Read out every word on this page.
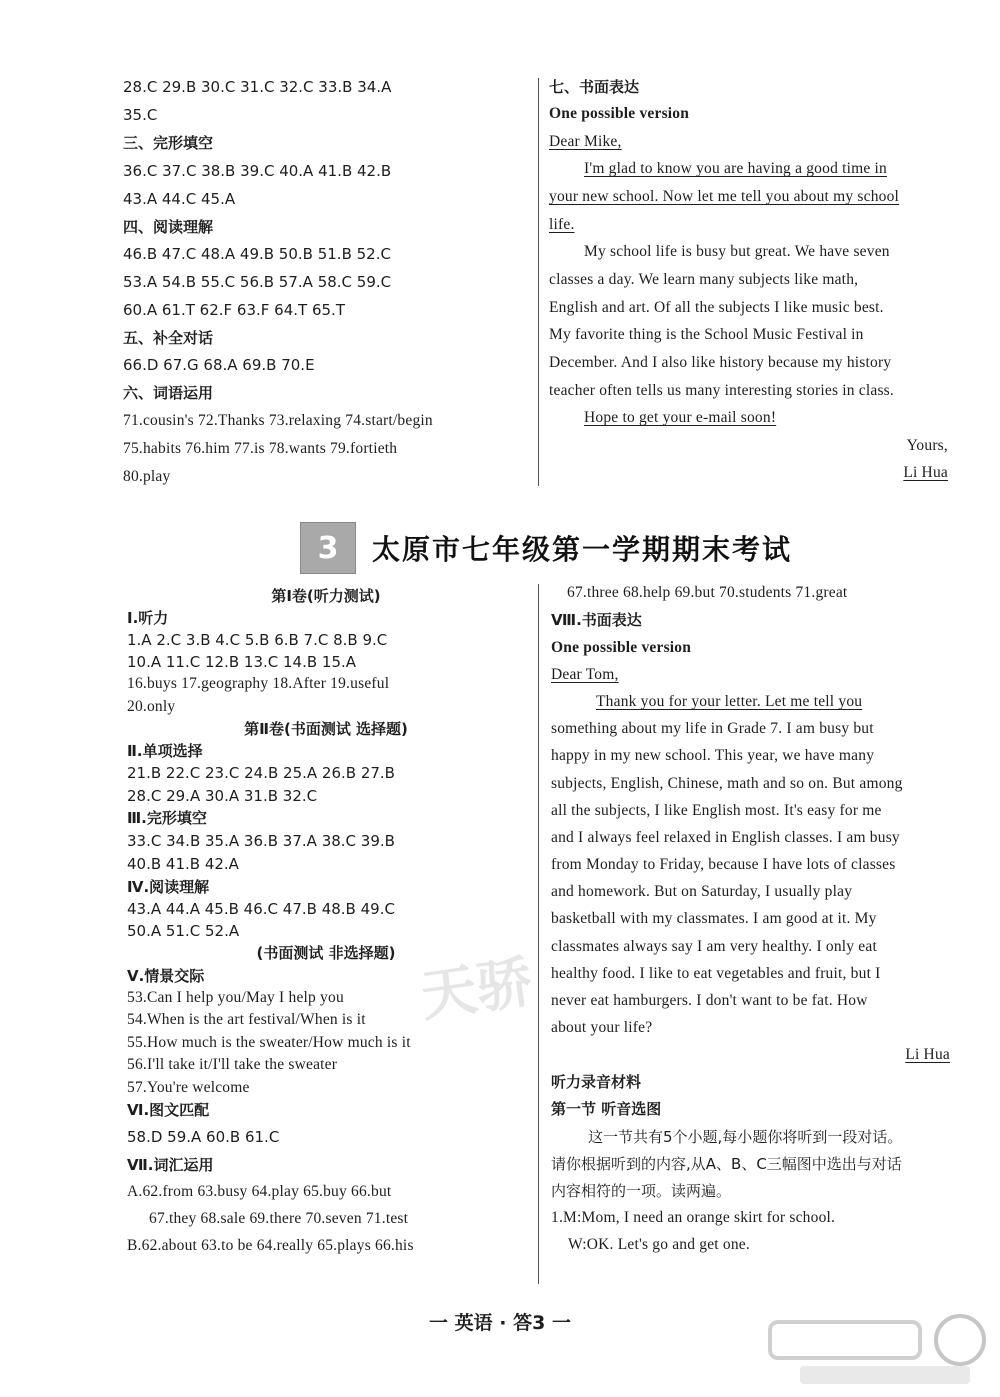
28.C 29.B 30.C 31.C 32.C 33.B 34.A
35.C
三、完形填空
36.C 37.C 38.B 39.C 40.A 41.B 42.B
43.A 44.C 45.A
四、阅读理解
46.B 47.C 48.A 49.B 50.B 51.B 52.C
53.A 54.B 55.C 56.B 57.A 58.C 59.C
60.A 61.T 62.F 63.F 64.T 65.T
五、补全对话
66.D 67.G 68.A 69.B 70.E
六、词语运用
71.cousin's 72.Thanks 73.relaxing 74.start/begin
75.habits 76.him 77.is 78.wants 79.fortieth
80.play
七、书面表达
One possible version
Dear Mike,
I'm glad to know you are having a good time in
your new school. Now let me tell you about my school
life.
My school life is busy but great. We have seven
classes a day. We learn many subjects like math,
English and art. Of all the subjects I like music best.
My favorite thing is the School Music Festival in
December. And I also like history because my history
teacher often tells us many interesting stories in class.
Hope to get your e-mail soon!
Yours,
Li Hua
3	太原市七年级第一学期期末考试
第Ⅰ卷(听力测试)
Ⅰ.听力
1.A 2.C 3.B 4.C 5.B 6.B 7.C 8.B 9.C
10.A 11.C 12.B 13.C 14.B 15.A
16.buys 17.geography 18.After 19.useful
20.only
第Ⅱ卷(书面测试 选择题)
Ⅱ.单项选择
21.B 22.C 23.C 24.B 25.A 26.B 27.B
28.C 29.A 30.A 31.B 32.C
Ⅲ.完形填空
33.C 34.B 35.A 36.B 37.A 38.C 39.B
40.B 41.B 42.A
Ⅳ.阅读理解
43.A 44.A 45.B 46.C 47.B 48.B 49.C
50.A 51.C 52.A
(书面测试 非选择题)
Ⅴ.情景交际
53.Can I help you/May I help you
54.When is the art festival/When is it
55.How much is the sweater/How much is it
56.I'll take it/I'll take the sweater
57.You're welcome
Ⅵ.图文匹配
58.D 59.A 60.B 61.C
Ⅶ.词汇运用
A.62.from 63.busy 64.play 65.buy 66.but
67.they 68.sale 69.there 70.seven 71.test
B.62.about 63.to be 64.really 65.plays 66.his
67.three 68.help 69.but 70.students 71.great
Ⅷ.书面表达
One possible version
Dear Tom,
Thank you for your letter. Let me tell you
something about my life in Grade 7. I am busy but
happy in my new school. This year, we have many
subjects, English, Chinese, math and so on. But among
all the subjects, I like English most. It's easy for me
and I always feel relaxed in English classes. I am busy
from Monday to Friday, because I have lots of classes
and homework. But on Saturday, I usually play
basketball with my classmates. I am good at it. My
classmates always say I am very healthy. I only eat
healthy food. I like to eat vegetables and fruit, but I
never eat hamburgers. I don't want to be fat. How
about your life?
Li Hua
听力录音材料
第一节 听音选图
这一节共有5个小题,每小题你将听到一段对话。
请你根据听到的内容,从A、B、C三幅图中选出与对话
内容相符的一项。读两遍。
1.M:Mom, I need an orange skirt for school.
W:OK. Let's go and get one.
天骄
一 英语 · 答3 一
